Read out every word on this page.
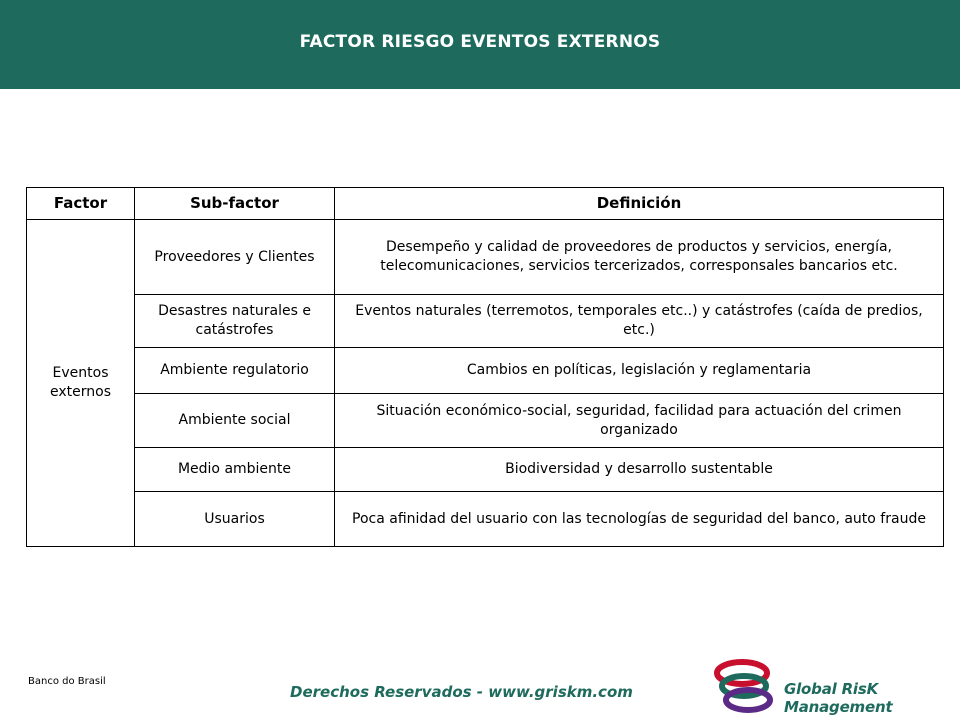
FACTOR RIESGO EVENTOS EXTERNOS
Factor	Sub-factor	Definición
Eventos externos	Proveedores y Clientes	Desempeño y calidad de proveedores de productos y servicios, energía, telecomunicaciones, servicios tercerizados, corresponsales bancarios etc.
	Desastres naturales e catástrofes	Eventos naturales (terremotos, temporales etc..) y catástrofes (caída de predios, etc.)
	Ambiente regulatorio	Cambios en políticas, legislación y reglamentaria
	Ambiente social	Situación económico-social, seguridad, facilidad para actuación del crimen organizado
	Medio ambiente	Biodiversidad y desarrollo sustentable
	Usuarios	Poca afinidad del usuario con las tecnologías de seguridad del banco, auto fraude
Banco do Brasil
Derechos Reservados - www.griskm.com	Global RisK Management
